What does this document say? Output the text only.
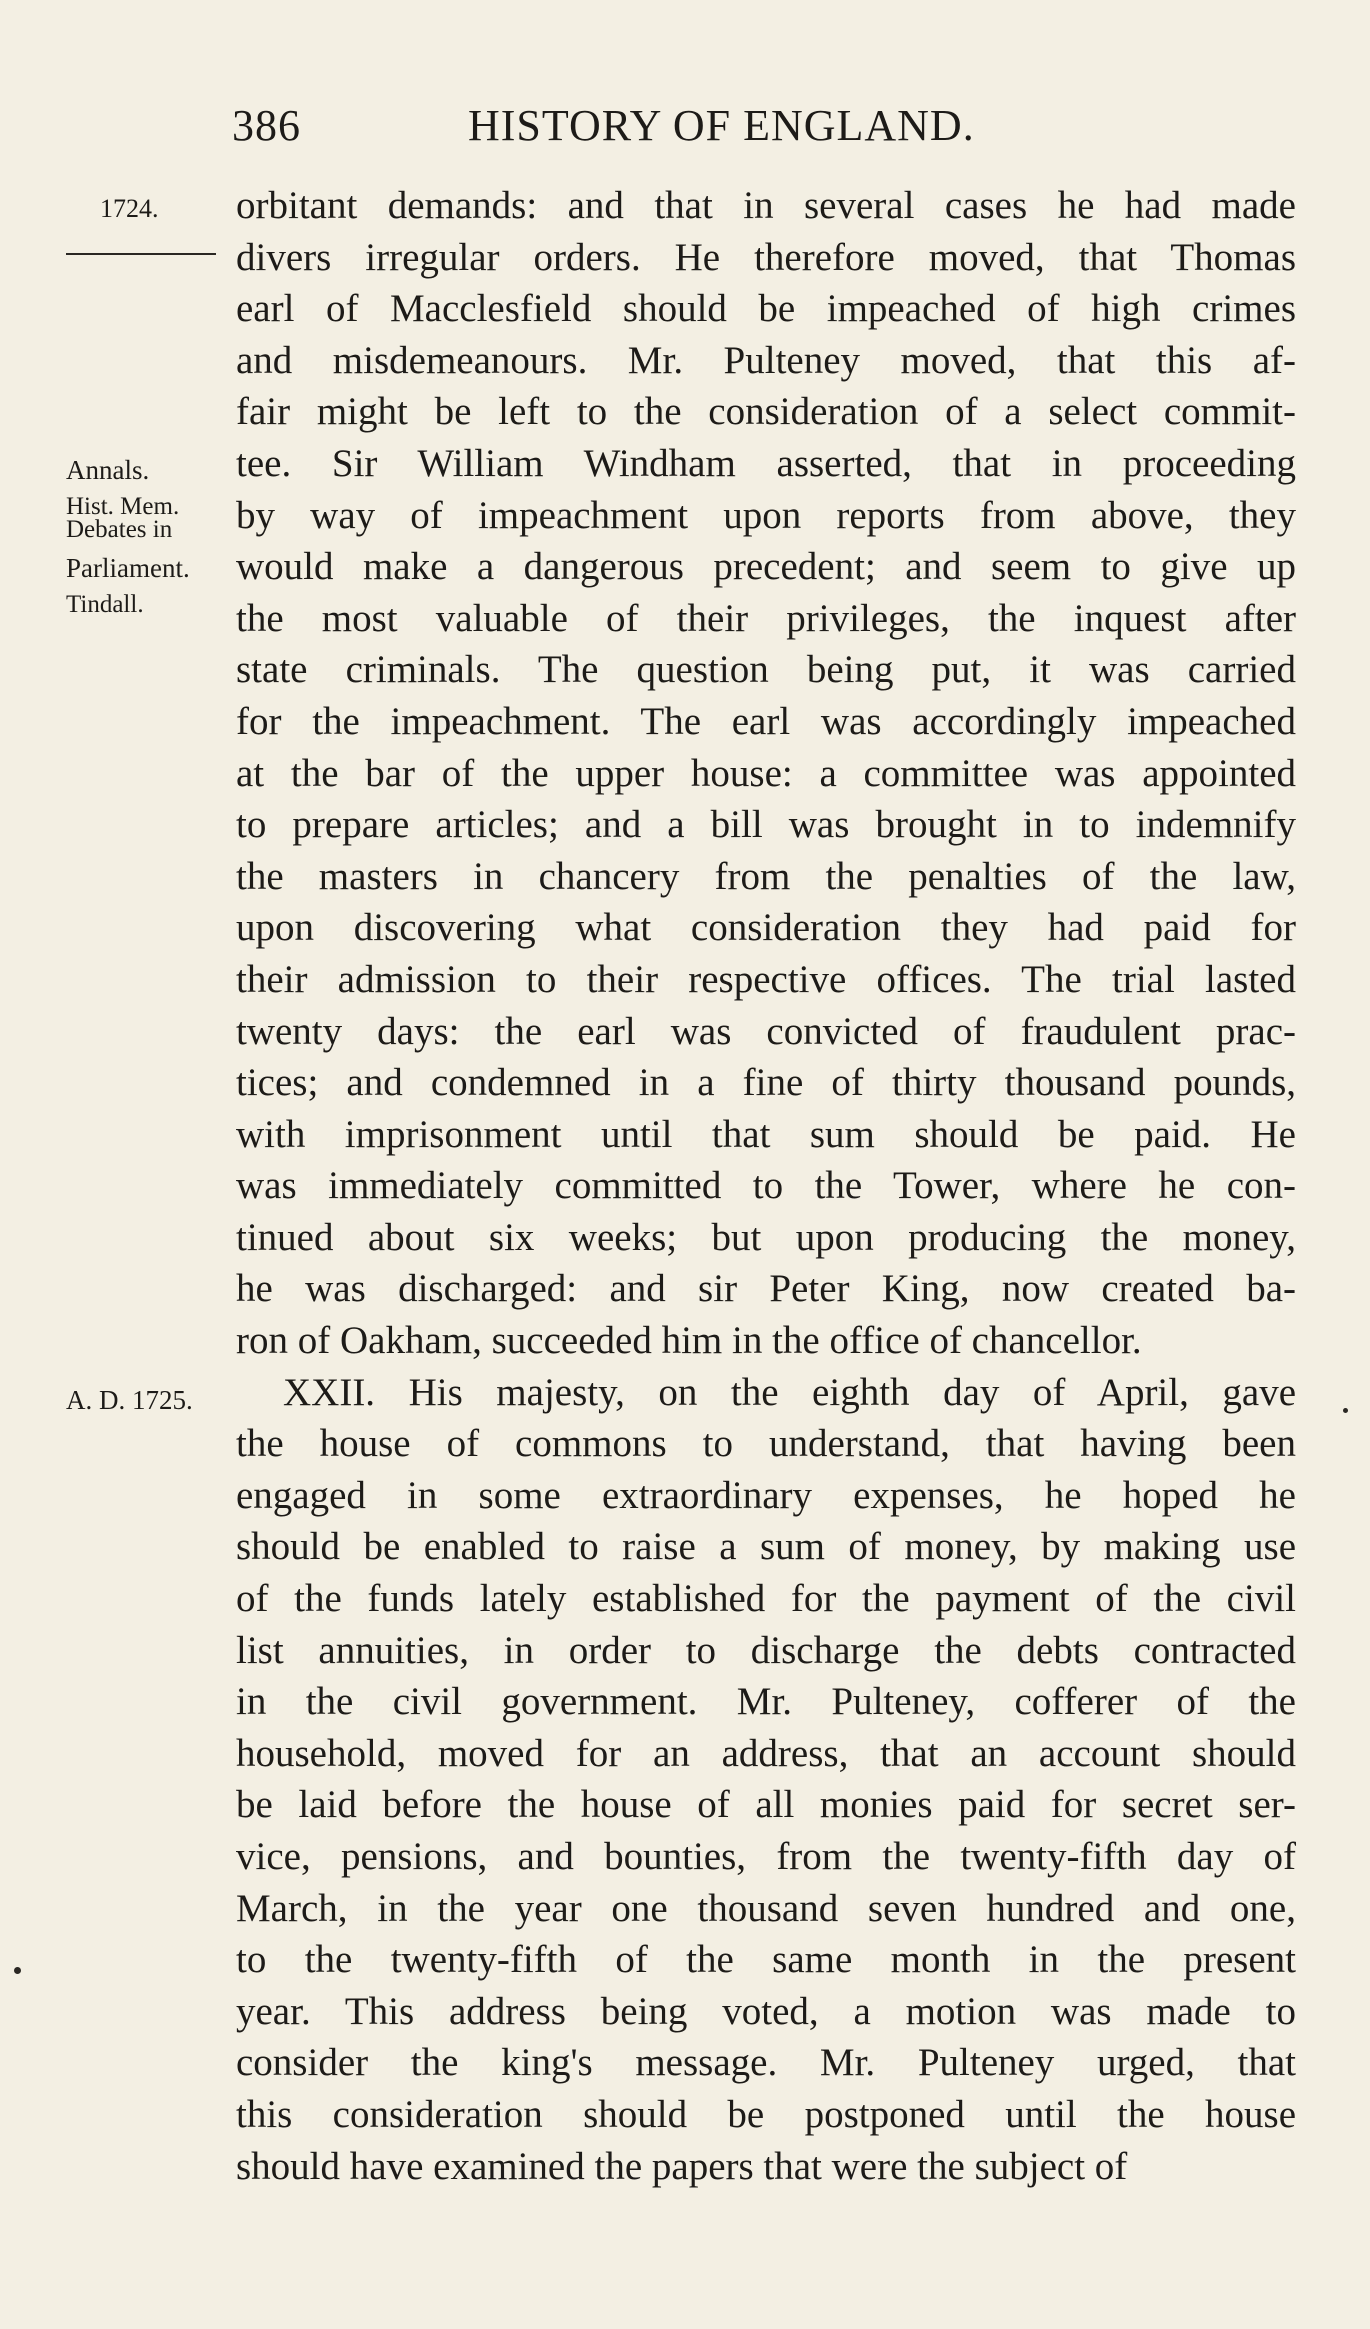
386	HISTORY OF ENGLAND.
1724.
Annals.
Hist. Mem.
Debates in
Parliament.
Tindall.
A. D. 1725.
orbitant demands: and that in several cases he had made
divers irregular orders. He therefore moved, that Thomas
earl of Macclesfield should be impeached of high crimes
and misdemeanours. Mr. Pulteney moved, that this af-
fair might be left to the consideration of a select commit-
tee. Sir William Windham asserted, that in proceeding
by way of impeachment upon reports from above, they
would make a dangerous precedent; and seem to give up
the most valuable of their privileges, the inquest after
state criminals. The question being put, it was carried
for the impeachment. The earl was accordingly impeached
at the bar of the upper house: a committee was appointed
to prepare articles; and a bill was brought in to indemnify
the masters in chancery from the penalties of the law,
upon discovering what consideration they had paid for
their admission to their respective offices. The trial lasted
twenty days: the earl was convicted of fraudulent prac-
tices; and condemned in a fine of thirty thousand pounds,
with imprisonment until that sum should be paid. He
was immediately committed to the Tower, where he con-
tinued about six weeks; but upon producing the money,
he was discharged: and sir Peter King, now created ba-
ron of Oakham, succeeded him in the office of chancellor.
XXII. His majesty, on the eighth day of April, gave
the house of commons to understand, that having been
engaged in some extraordinary expenses, he hoped he
should be enabled to raise a sum of money, by making use
of the funds lately established for the payment of the civil
list annuities, in order to discharge the debts contracted
in the civil government. Mr. Pulteney, cofferer of the
household, moved for an address, that an account should
be laid before the house of all monies paid for secret ser-
vice, pensions, and bounties, from the twenty-fifth day of
March, in the year one thousand seven hundred and one,
to the twenty-fifth of the same month in the present
year. This address being voted, a motion was made to
consider the king's message. Mr. Pulteney urged, that
this consideration should be postponed until the house
should have examined the papers that were the subject of
